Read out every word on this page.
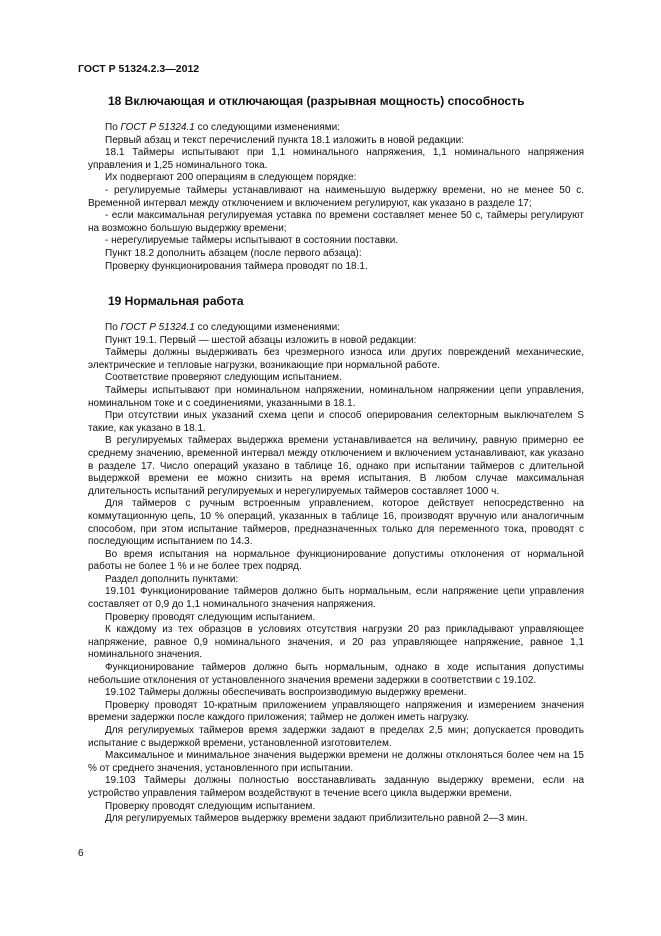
ГОСТ Р 51324.2.3—2012

18 Включающая и отключающая (разрывная мощность) способность

По ГОСТ Р 51324.1 со следующими изменениями:

Первый абзац и текст перечислений пункта 18.1 изложить в новой редакции:

18.1 Таймеры испытывают при 1,1 номинального напряжения, 1,1 номинального напряжения управления и 1,25 номинального тока.

Их подвергают 200 операциям в следующем порядке:

- регулируемые таймеры устанавливают на наименьшую выдержку времени, но не менее 50 с. Временной интервал между отключением и включением регулируют, как указано в разделе 17;

- если максимальная регулируемая уставка по времени составляет менее 50 с, таймеры регулируют на возможно большую выдержку времени;

- нерегулируемые таймеры испытывают в состоянии поставки.

Пункт 18.2 дополнить абзацем (после первого абзаца):

Проверку функционирования таймера проводят по 18.1.

19 Нормальная работа

По ГОСТ Р 51324.1 со следующими изменениями:

Пункт 19.1. Первый — шестой абзацы изложить в новой редакции:

Таймеры должны выдерживать без чрезмерного износа или других повреждений механические, электрические и тепловые нагрузки, возникающие при нормальной работе.

Соответствие проверяют следующим испытанием.

Таймеры испытывают при номинальном напряжении, номинальном напряжении цепи управления, номинальном токе и с соединениями, указанными в 18.1.

При отсутствии иных указаний схема цепи и способ оперирования селекторным выключателем S такие, как указано в 18.1.

В регулируемых таймерах выдержка времени устанавливается на величину, равную примерно ее среднему значению, временной интервал между отключением и включением устанавливают, как указано в разделе 17. Число операций указано в таблице 16, однако при испытании таймеров с длительной выдержкой времени ее можно снизить на время испытания. В любом случае максимальная длительность испытаний регулируемых и нерегулируемых таймеров составляет 1000 ч.

Для таймеров с ручным встроенным управлением, которое действует непосредственно на коммутационную цепь, 10 % операций, указанных в таблице 16, производят вручную или аналогичным способом, при этом испытание таймеров, предназначенных только для переменного тока, проводят с последующим испытанием по 14.3.

Во время испытания на нормальное функционирование допустимы отклонения от нормальной работы не более 1 % и не более трех подряд.

Раздел дополнить пунктами:

19.101 Функционирование таймеров должно быть нормальным, если напряжение цепи управления составляет от 0,9 до 1,1 номинального значения напряжения.

Проверку проводят следующим испытанием.

К каждому из тех образцов в условиях отсутствия нагрузки 20 раз прикладывают управляющее напряжение, равное 0,9 номинального значения, и 20 раз управляющее напряжение, равное 1,1 номинального значения.

Функционирование таймеров должно быть нормальным, однако в ходе испытания допустимы небольшие отклонения от установленного значения времени задержки в соответствии с 19.102.

19.102 Таймеры должны обеспечивать воспроизводимую выдержку времени.

Проверку проводят 10-кратным приложением управляющего напряжения и измерением значения времени задержки после каждого приложения; таймер не должен иметь нагрузку.

Для регулируемых таймеров время задержки задают в пределах 2,5 мин; допускается проводить испытание с выдержкой времени, установленной изготовителем.

Максимальное и минимальное значения выдержки времени не должны отклоняться более чем на 15 % от среднего значения, установленного при испытании.

19.103 Таймеры должны полностью восстанавливать заданную выдержку времени, если на устройство управления таймером воздействуют в течение всего цикла выдержки времени.

Проверку проводят следующим испытанием.

Для регулируемых таймеров выдержку времени задают приблизительно равной 2—3 мин.

6
